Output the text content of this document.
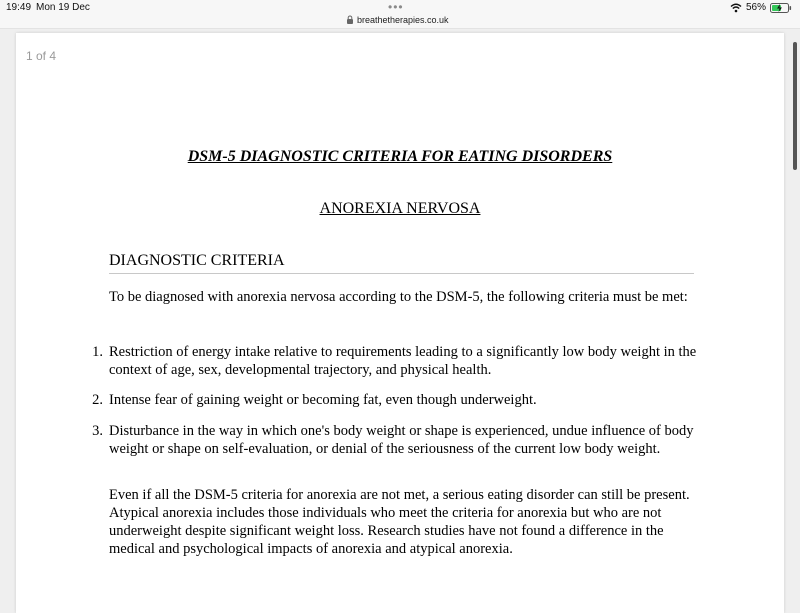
19:49 Mon 19 Dec	•••
breathetherapies.co.uk
56%
1 of 4
DSM-5 DIAGNOSTIC CRITERIA FOR EATING DISORDERS
ANOREXIA NERVOSA
DIAGNOSTIC CRITERIA
To be diagnosed with anorexia nervosa according to the DSM-5, the following criteria must be met:
1. Restriction of energy intake relative to requirements leading to a significantly low body weight in the context of age, sex, developmental trajectory, and physical health.
2. Intense fear of gaining weight or becoming fat, even though underweight.
3. Disturbance in the way in which one's body weight or shape is experienced, undue influence of body weight or shape on self-evaluation, or denial of the seriousness of the current low body weight.
Even if all the DSM-5 criteria for anorexia are not met, a serious eating disorder can still be present. Atypical anorexia includes those individuals who meet the criteria for anorexia but who are not underweight despite significant weight loss. Research studies have not found a difference in the medical and psychological impacts of anorexia and atypical anorexia.
